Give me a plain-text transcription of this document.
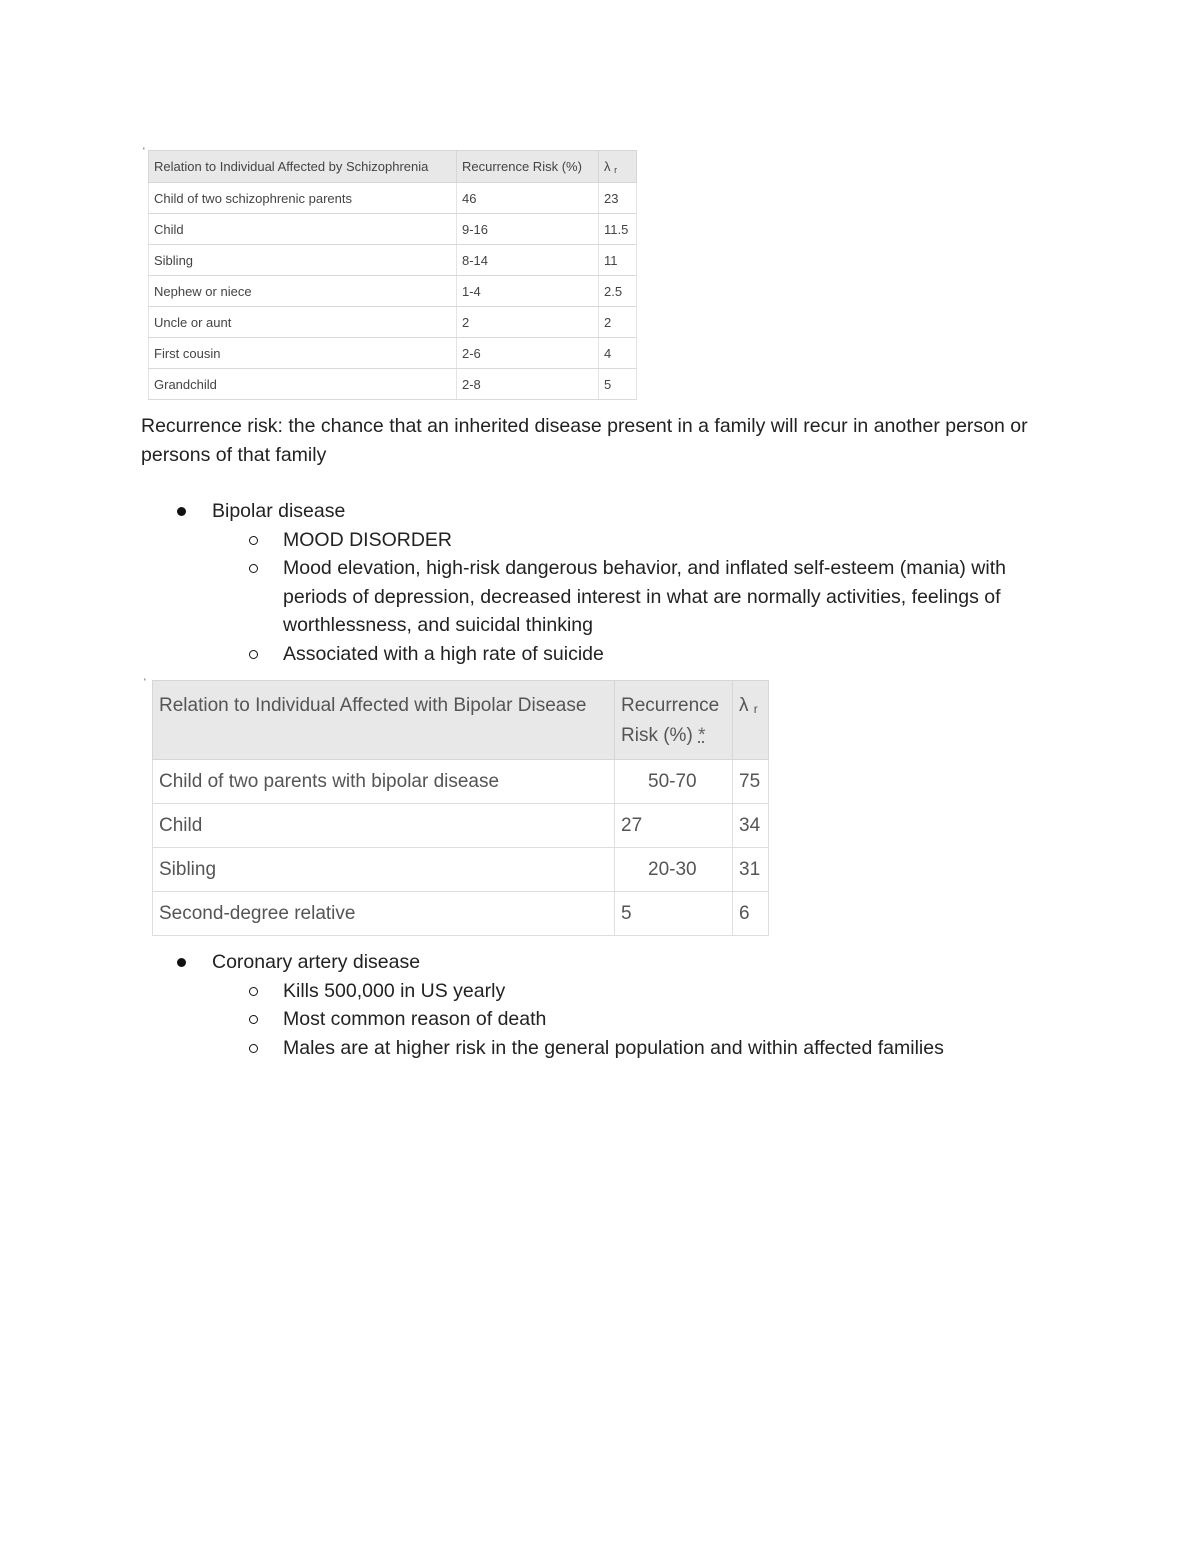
'
Relation to Individual Affected by Schizophrenia	Recurrence Risk (%)	λ r
Child of two schizophrenic parents	46	23
Child	9-16	11.5
Sibling	8-14	11
Nephew or niece	1-4	2.5
Uncle or aunt	2	2
First cousin	2-6	4
Grandchild	2-8	5
Recurrence risk: the chance that an inherited disease present in a family will recur in another person or persons of that family
Bipolar disease
MOOD DISORDER
Mood elevation, high-risk dangerous behavior, and inflated self-esteem (mania) with periods of depression, decreased interest in what are normally activities, feelings of worthlessness, and suicidal thinking
Associated with a high rate of suicide
'
Relation to Individual Affected with Bipolar Disease	Recurrence Risk (%) *	λ r
Child of two parents with bipolar disease	50-70	75
Child	27	34
Sibling	20-30	31
Second-degree relative	5	6
Coronary artery disease
Kills 500,000 in US yearly
Most common reason of death
Males are at higher risk in the general population and within affected families
